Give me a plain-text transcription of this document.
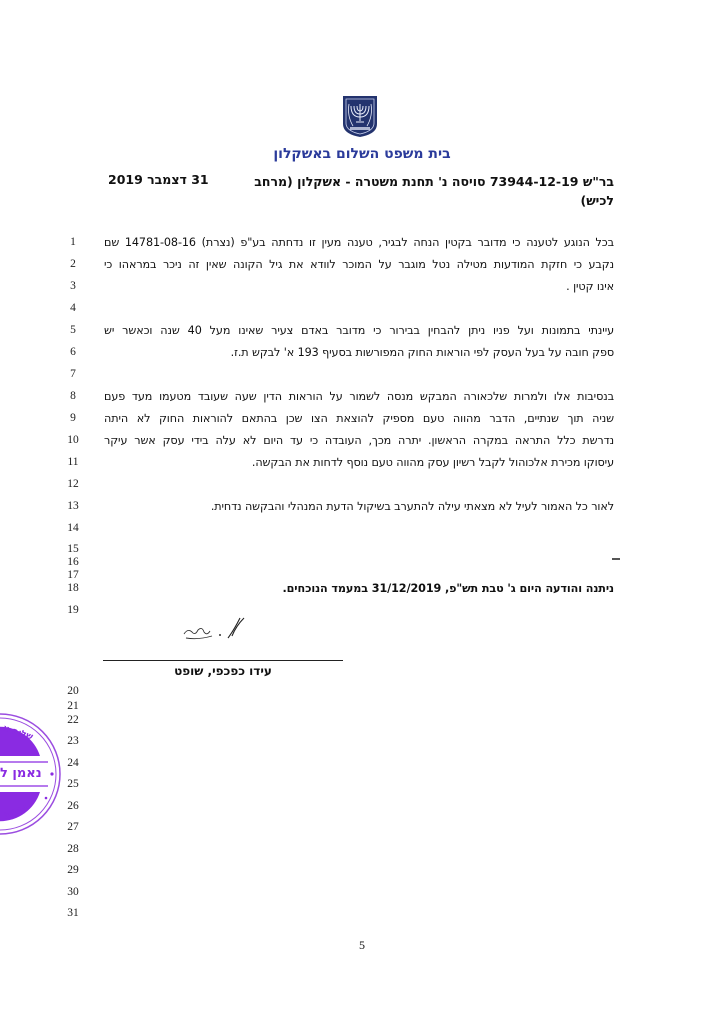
בית משפט השלום באשקלון
בר"ש 73944-12-19 סויסה נ' תחנת משטרה - אשקלון (מרחב לכיש)
31 דצמבר 2019
1
2
3
4
5
6
7
8
9
10
11
12
13
14
15
16
17
18
19
בכל הנוגע לטענה כי מדובר בקטין הנחה לבגיר, טענה מעין זו נדחתה בע"פ (נצרת) 14781-08-16 שם
נקבע כי חזקת המודעות מטילה נטל מוגבר על המוכר לוודא את גיל הקונה שאין זה ניכר במראהו כי
אינו קטין .
עיינתי בתמונות ועל פניו ניתן להבחין בבירור כי מדובר באדם צעיר שאינו מעל 40 שנה וכאשר יש
ספק חובה על בעל העסק לפי הוראות החוק המפורשות בסעיף 193 א' לבקש ת.ז.
בנסיבות אלו ולמרות שלכאורה המבקש מנסה לשמור על הוראות הדין שעה שעובד מטעמו מעד פעם
שניה תוך שנתיים, הדבר מהווה טעם מספיק להוצאת הצו שכן בהתאם להוראות החוק לא היתה
נדרשת כלל התראה במקרה הראשון. יתרה מכך, העובדה כי עד היום לא עלה בידי עסק אשר עיקר
עיסוקו מכירת אלכוהול לקבל רשיון עסק מהווה טעם נוסף לדחות את הבקשה.
לאור כל האמור לעיל לא מצאתי עילה להתערב בשיקול הדעת המנהלי והבקשה נדחית.
ניתנה והודעה היום ג' טבת תש"פ, 31/12/2019 במעמד הנוכחים.
עידו כפכפי, שופט
20
21
22
23
24
25
26
27
28
29
30
31
שלום א
נאמן ל
3044
5
